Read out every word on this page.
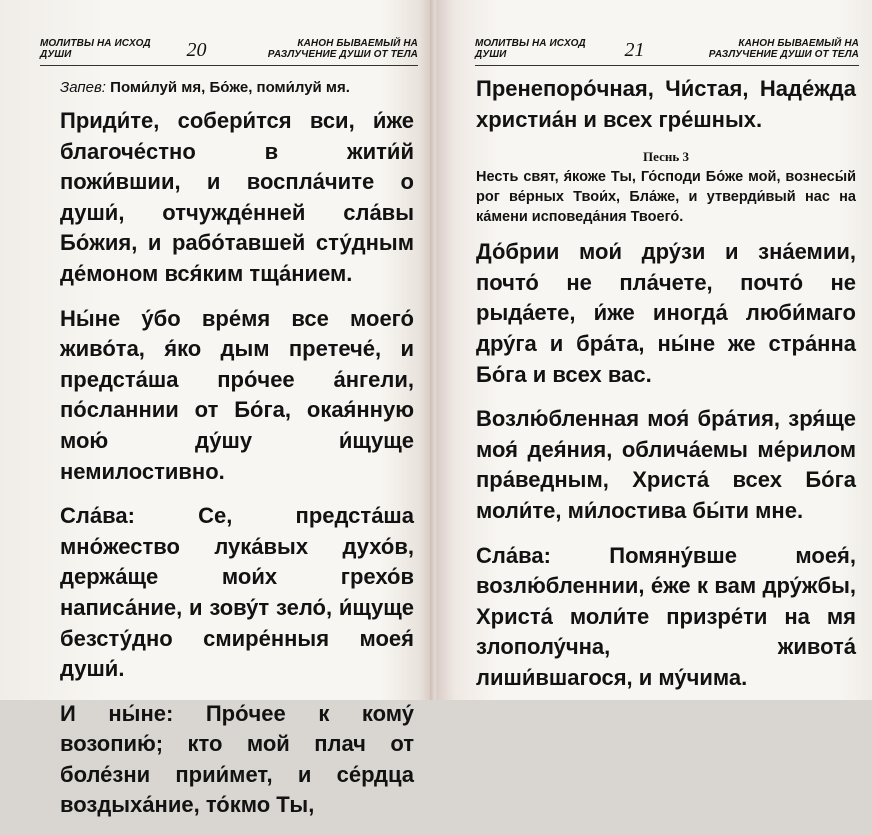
МОЛИТВЫ НА ИСХОД ДУШИ	20	КАНОН БЫВАЕМЫЙ НА РАЗЛУЧЕНИЕ ДУШИ ОТ ТЕЛА

Запев: Поми́луй мя, Бо́же, поми́луй мя.

Приди́те, собери́тся вси, и́же благоче́стно в жити́й пожи́вшии, и воспла́чите о души́, отчужде́нней сла́вы Бо́жия, и рабо́тавшей сту́дным де́моном вся́ким тща́нием.

Ны́не у́бо вре́мя все моего́ живо́та, я́ко дым претече́, и предста́ша про́чее а́нгели, по́сланнии от Бо́га, окая́нную мою́ ду́шу и́щуще немилостивно.

Сла́ва: Се, предста́ша мно́жество лука́вых духо́в, держа́ще мои́х грехо́в написа́ние, и зову́т зело́, и́щуще безсту́дно смире́нныя моея́ души́.

И ны́не: Про́чее к кому́ возопию́; кто мой плач от боле́зни прии́мет, и се́рдца воздыха́ние, то́кмо Ты,

МОЛИТВЫ НА ИСХОД ДУШИ	21	КАНОН БЫВАЕМЫЙ НА РАЗЛУЧЕНИЕ ДУШИ ОТ ТЕЛА

Пренепоро́чная, Чи́стая, Наде́жда христиа́н и всех гре́шных.

Песнь 3

Несть свят, я́коже Ты, Го́споди Бо́же мой, вознесы́й рог ве́рных Твои́х, Бла́же, и утверди́вый нас на ка́мени исповеда́ния Твоего́.

До́брии мои́ дру́зи и зна́емии, почто́ не пла́чете, почто́ не рыда́ете, и́же иногда́ люби́маго дру́га и бра́та, ны́не же стра́нна Бо́га и всех вас.

Возлю́бленная моя́ бра́тия, зря́ще моя́ дея́ния, облича́емы ме́рилом пра́ведным, Христа́ всех Бо́га моли́те, ми́лостива бы́ти мне.

Сла́ва: Помяну́вше моея́, возлю́бленнии, е́же к вам дру́жбы, Христа́ моли́те призре́ти на мя злополу́чна, живота́ лиши́вшагося, и му́чима.
